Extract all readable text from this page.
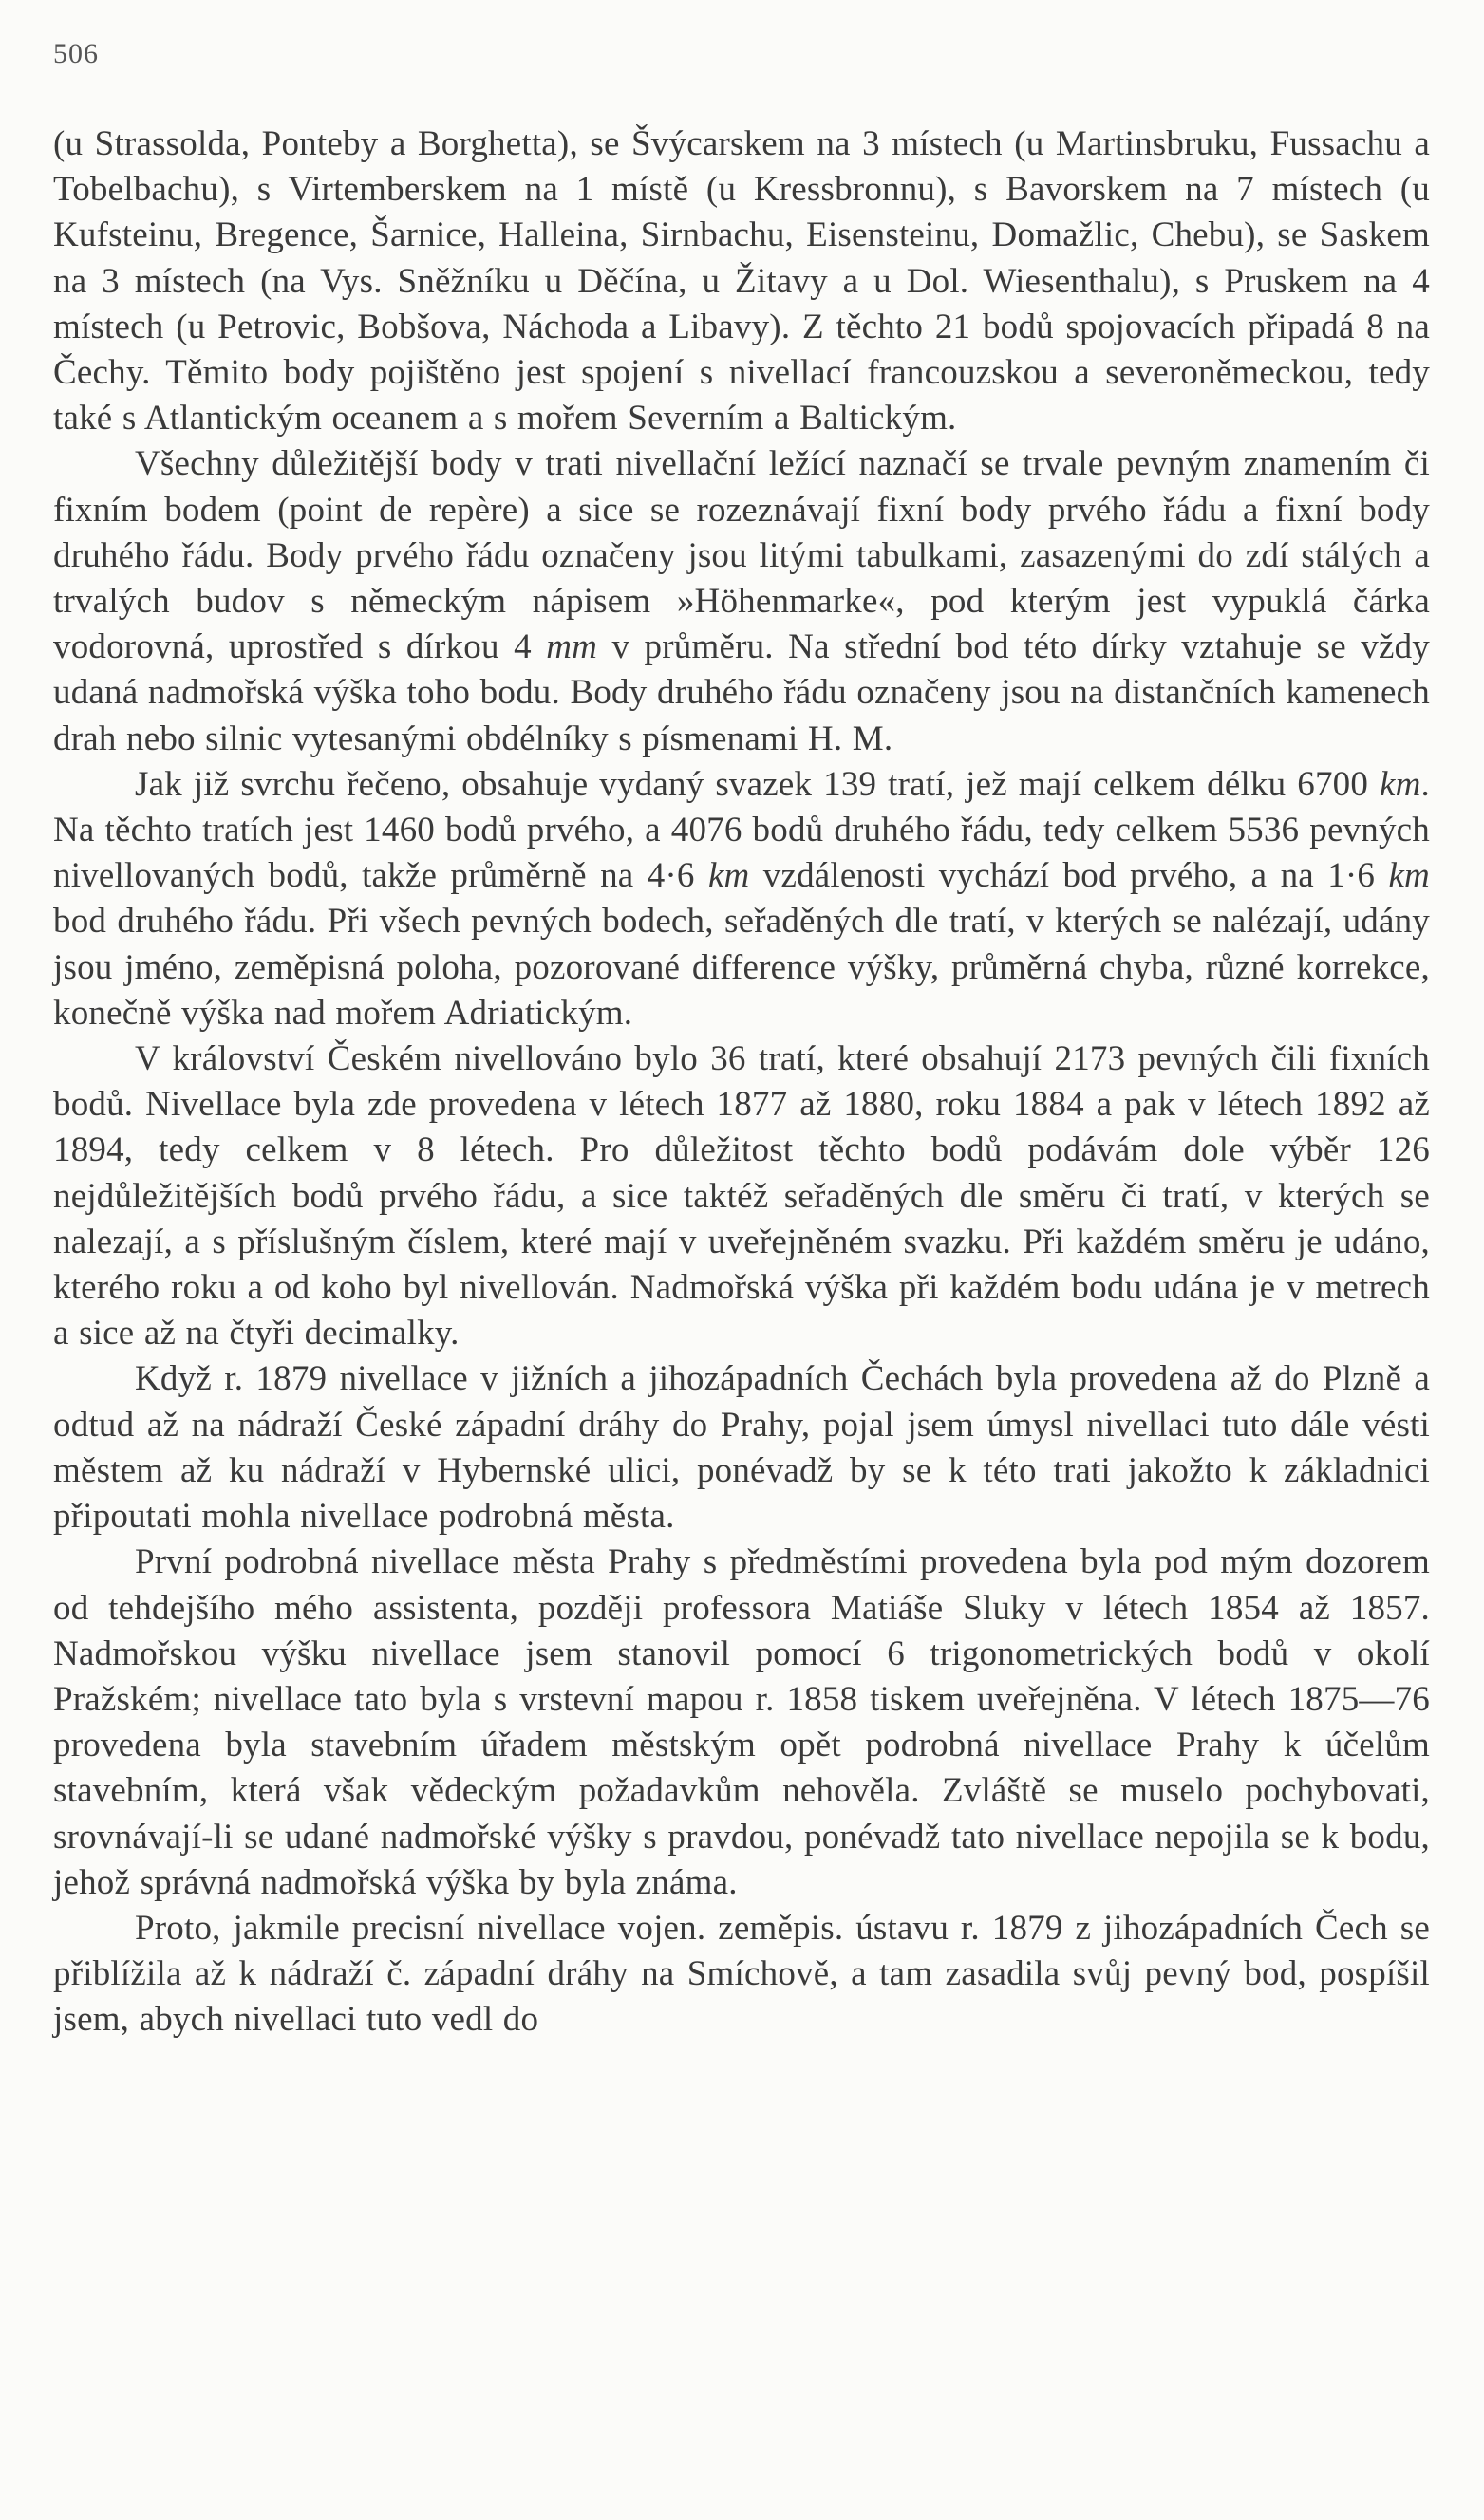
506

(u Strassolda, Ponteby a Borghetta), se Švýcarskem na 3 místech (u Martinsbruku, Fussachu a Tobelbachu), s Virtemberskem na 1 místě (u Kressbronnu), s Bavorskem na 7 místech (u Kufsteinu, Bregence, Šarnice, Halleina, Sirnbachu, Eisensteinu, Domažlic, Chebu), se Saskem na 3 místech (na Vys. Sněžníku u Děčína, u Žitavy a u Dol. Wiesenthalu), s Pruskem na 4 místech (u Petrovic, Bobšova, Náchoda a Libavy). Z těchto 21 bodů spojovacích připadá 8 na Čechy. Těmito body pojištěno jest spojení s nivellací francouzskou a severoněmeckou, tedy také s Atlantickým oceanem a s mořem Severním a Baltickým.

Všechny důležitější body v trati nivellační ležící naznačí se trvale pevným znamením či fixním bodem (point de repère) a sice se rozeznávají fixní body prvého řádu a fixní body druhého řádu. Body prvého řádu označeny jsou litými tabulkami, zasazenými do zdí stálých a trvalých budov s německým nápisem »Höhenmarke«, pod kterým jest vypuklá čárka vodorovná, uprostřed s dírkou 4 mm v průměru. Na střední bod této dírky vztahuje se vždy udaná nadmořská výška toho bodu. Body druhého řádu označeny jsou na distančních kamenech drah nebo silnic vytesanými obdélníky s písmenami H. M.

Jak již svrchu řečeno, obsahuje vydaný svazek 139 tratí, jež mají celkem délku 6700 km. Na těchto tratích jest 1460 bodů prvého, a 4076 bodů druhého řádu, tedy celkem 5536 pevných nivellovaných bodů, takže průměrně na 4·6 km vzdálenosti vychází bod prvého, a na 1·6 km bod druhého řádu. Při všech pevných bodech, seřaděných dle tratí, v kterých se nalézají, udány jsou jméno, zeměpisná poloha, pozorované differenсe výšky, průměrná chyba, různé korrekce, konečně výška nad mořem Adriatickým.

V království Českém nivellováno bylo 36 tratí, které obsahují 2173 pevných čili fixních bodů. Nivellace byla zde provedena v létech 1877 až 1880, roku 1884 a pak v létech 1892 až 1894, tedy celkem v 8 létech. Pro důležitost těchto bodů podávám dole výběr 126 nejdůležitějších bodů prvého řádu, a sice taktéž seřaděných dle směru či tratí, v kterých se nalezají, a s příslušným číslem, které mají v uveřejněném svazku. Při každém směru je udáno, kterého roku a od koho byl nivellován. Nadmořská výška při každém bodu udána je v metrech a sice až na čtyři decimalky.

Když r. 1879 nivellace v jižních a jihozápadních Čechách byla provedena až do Plzně a odtud až na nádraží České západní dráhy do Prahy, pojal jsem úmysl nivellaci tuto dále vésti městem až ku nádraží v Hybernské ulici, ponévadž by se k této trati jakožto k základnici připoutati mohla nivellace podrobná města.

První podrobná nivellace města Prahy s předměstími provedena byla pod mým dozorem od tehdejšího mého assistenta, později professora Matiáše Sluky v létech 1854 až 1857. Nadmořskou výšku nivellace jsem stanovil pomocí 6 trigonometrických bodů v okolí Pražském; nivellace tato byla s vrstevní mapou r. 1858 tiskem uveřejněna. V létech 1875—76 provedena byla stavebním úřadem městským opět podrobná nivellace Prahy k účelům stavebním, která však vědeckým požadavkům nehověla. Zvláště se muselo pochybovati, srovnávají-li se udané nadmořské výšky s pravdou, ponévadž tato nivellace nepojila se k bodu, jehož správná nadmořská výška by byla známa.

Proto, jakmile precisní nivellace vojen. zeměpis. ústavu r. 1879 z jihozápadních Čech se přiblížila až k nádraží č. západní dráhy na Smíchově, a tam zasadila svůj pevný bod, pospíšil jsem, abych nivellaci tuto vedl do
